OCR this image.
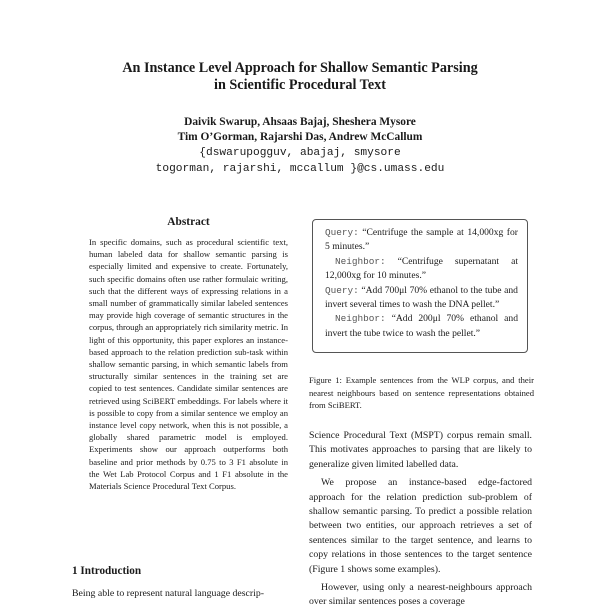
An Instance Level Approach for Shallow Semantic Parsing
in Scientific Procedural Text
Daivik Swarup, Ahsaas Bajaj, Sheshera Mysore
Tim O’Gorman, Rajarshi Das, Andrew McCallum
{dswarupogguv, abajaj, smysore
togorman, rajarshi, mccallum }@cs.umass.edu
Abstract
In specific domains, such as procedural scientific text, human labeled data for shallow semantic parsing is especially limited and expensive to create. Fortunately, such specific domains often use rather formulaic writing, such that the different ways of expressing relations in a small number of grammatically similar labeled sentences may provide high coverage of semantic structures in the corpus, through an appropriately rich similarity metric. In light of this opportunity, this paper explores an instance-based approach to the relation prediction sub-task within shallow semantic parsing, in which semantic labels from structurally similar sentences in the training set are copied to test sentences. Candidate similar sentences are retrieved using SciBERT embeddings. For labels where it is possible to copy from a similar sentence we employ an instance level copy network, when this is not possible, a globally shared parametric model is employed. Experiments show our approach outperforms both baseline and prior methods by 0.75 to 3 F1 absolute in the Wet Lab Protocol Corpus and 1 F1 absolute in the Materials Science Procedural Text Corpus.
1 Introduction
Being able to represent natural language descrip-
Query: “Centrifuge the sample at 14,000xg for 5 minutes.”
Neighbor: “Centrifuge supernatant at 12,000xg for 10 minutes.”
Query: “Add 700μl 70% ethanol to the tube and invert several times to wash the DNA pellet.”
Neighbor: “Add 200μl 70% ethanol and invert the tube twice to wash the pellet.”
Figure 1: Example sentences from the WLP corpus, and their nearest neighbours based on sentence representations obtained from SciBERT.

Science Procedural Text (MSPT) corpus remain small. This motivates approaches to parsing that are likely to generalize given limited labelled data.

We propose an instance-based edge-factored approach for the relation prediction sub-problem of shallow semantic parsing. To predict a possible relation between two entities, our approach retrieves a set of sentences similar to the target sentence, and learns to copy relations in those sentences to the target sentence (Figure 1 shows some examples).

However, using only a nearest-neighbours approach over similar sentences poses a coverage
